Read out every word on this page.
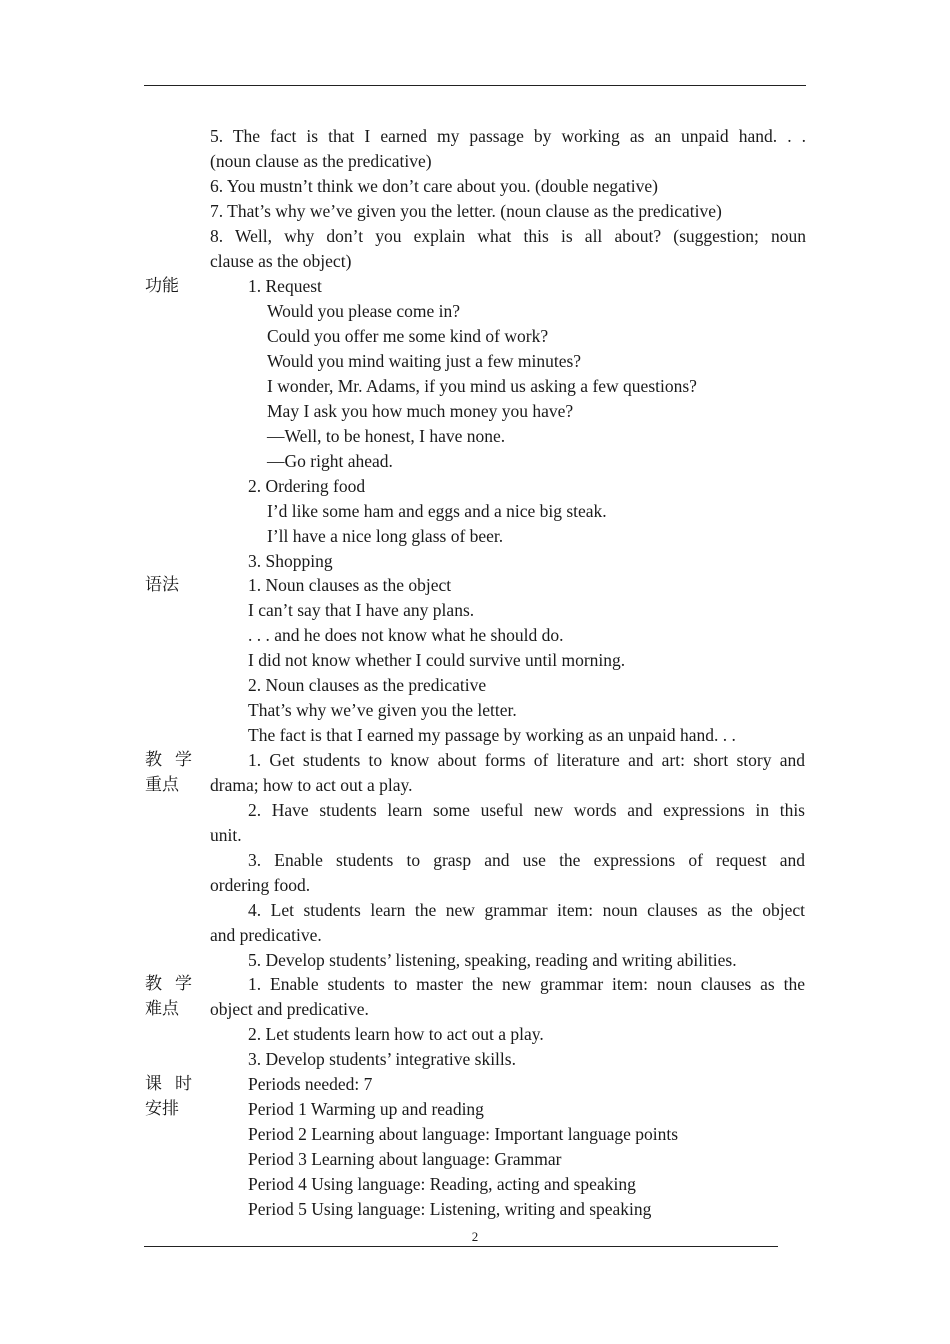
5. The fact is that I earned my passage by working as an unpaid hand. . .
(noun clause as the predicative)
6. You mustn’t think we don’t care about you. (double negative)
7. That’s why we’ve given you the letter. (noun clause as the predicative)
8. Well, why don’t you explain what this is all about? (suggestion; noun
clause as the object)
功能	1. Request
Would you please come in?
Could you offer me some kind of work?
Would you mind waiting just a few minutes?
I wonder, Mr. Adams, if you mind us asking a few questions?
May I ask you how much money you have?
—Well, to be honest, I have none.
—Go right ahead.
2. Ordering food
I’d like some ham and eggs and a nice big steak.
I’ll have a nice long glass of beer.
3. Shopping
语法	1. Noun clauses as the object
I can’t say that I have any plans.
. . . and he does not know what he should do.
I did not know whether I could survive until morning.
2. Noun clauses as the predicative
That’s why we’ve given you the letter.
The fact is that I earned my passage by working as an unpaid hand. . .
教 学
重点
1. Get students to know about forms of literature and art: short story and
drama; how to act out a play.
2. Have students learn some useful new words and expressions in this
unit.
3. Enable students to grasp and use the expressions of request and
ordering food.
4. Let students learn the new grammar item: noun clauses as the object
and predicative.
5. Develop students’ listening, speaking, reading and writing abilities.
教 学
难点
1. Enable students to master the new grammar item: noun clauses as the
object and predicative.
2. Let students learn how to act out a play.
3. Develop students’ integrative skills.
课 时
安排
Periods needed: 7
Period 1 Warming up and reading
Period 2 Learning about language: Important language points
Period 3 Learning about language: Grammar
Period 4 Using language: Reading, acting and speaking
Period 5 Using language: Listening, writing and speaking
2
